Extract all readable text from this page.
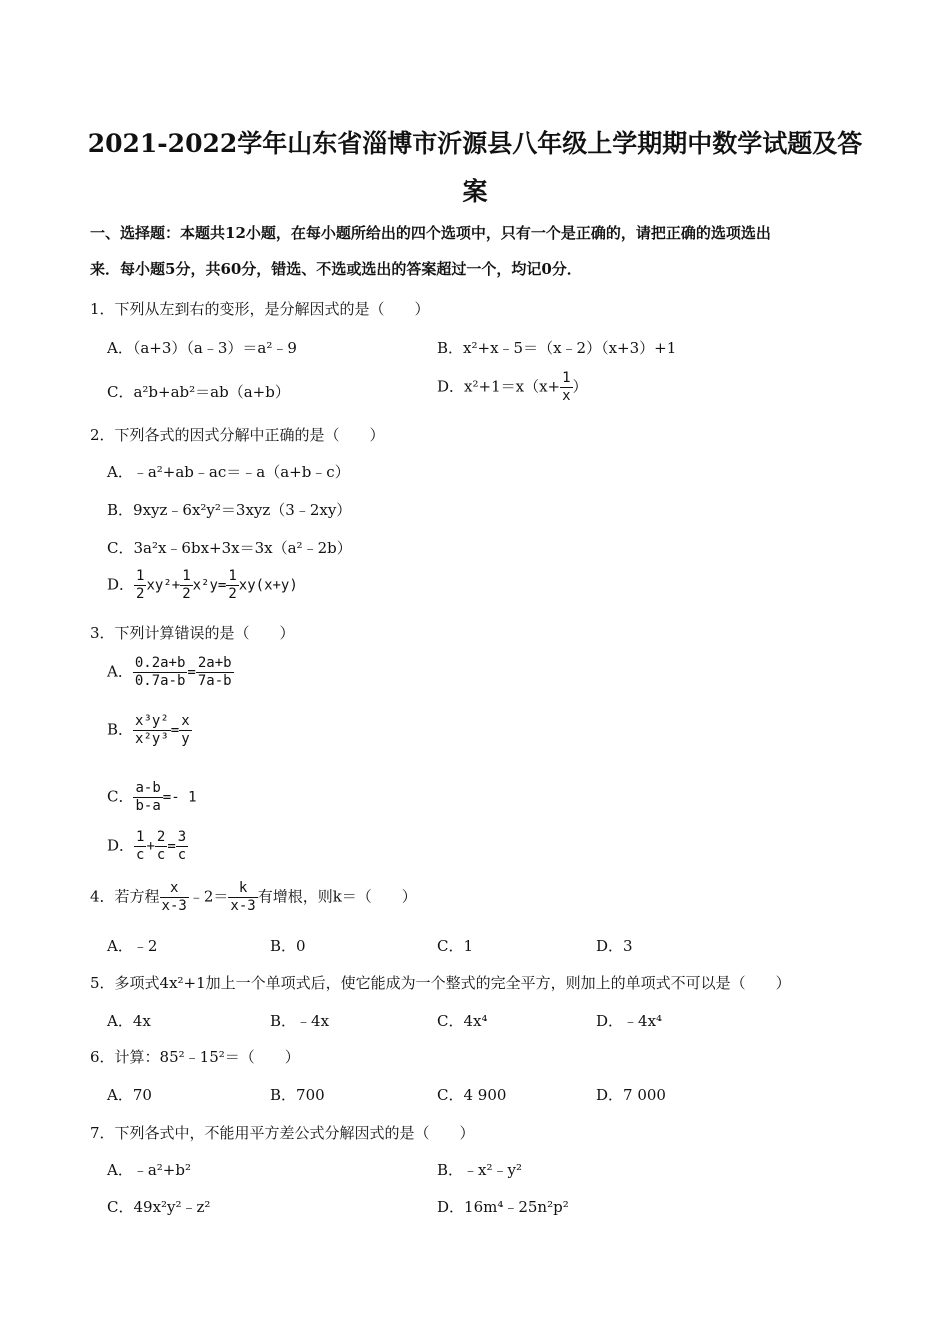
2021-2022学年山东省淄博市沂源县八年级上学期期中数学试题及答
案
一、选择题：本题共12小题，在每小题所给出的四个选项中，只有一个是正确的，请把正确的选项选出
来．每小题5分，共60分，错选、不选或选出的答案超过一个，均记0分．
1．下列从左到右的变形，是分解因式的是（　　）
A．（a+3）（a﹣3）＝a²﹣9	B．x²+x﹣5＝（x﹣2）（x+3）+1
C．a²b+ab²＝ab（a+b）	D．$x^2+1=x(x+ \frac{1}{x}$ ）
2．下列各式的因式分解中正确的是（　　）
A．﹣a²+ab﹣ac＝﹣a（a+b﹣c）
B．9xyz﹣6x²y²＝3xyz（3﹣2xy）
C．3a²x﹣6bx+3x＝3x（a²﹣2b）
D． $\frac{1}{2} xy^2+ \frac{1}{2} x^2y= \frac{1}{2} xy(x+y)$
3．下列计算错误的是（　　）
A． $\frac{0.2a+b}{0.7a-b} = \frac{2a+b}{7a-b}$
B． $\frac{\text{x³y²}}{\text{x²y³}} = \frac{x}{y}$
C． $\frac{a-b}{b-a} =- 1$
D． $\frac{1}{c} + \frac{2}{c} = \frac{3}{c}$
4．若方程 $\frac{x}{x-3}$ ﹣2＝ $\frac{k}{x-3}$ 有增根，则k＝（　　）
A．﹣2	B．0	C．1	D．3
5．多项式4x²+1加上一个单项式后，使它能成为一个整式的完全平方，则加上的单项式不可以是（　　）
A．4x	B．﹣4x	C．4x⁴	D．﹣4x⁴
6．计算：85²﹣15²＝（　　）
A．70	B．700	C．4 900	D．7 000
7．下列各式中，不能用平方差公式分解因式的是（　　）
A．﹣a²+b²	B．﹣x²﹣y²
C．49x²y²﹣z²	D．16m⁴﹣25n²p²
